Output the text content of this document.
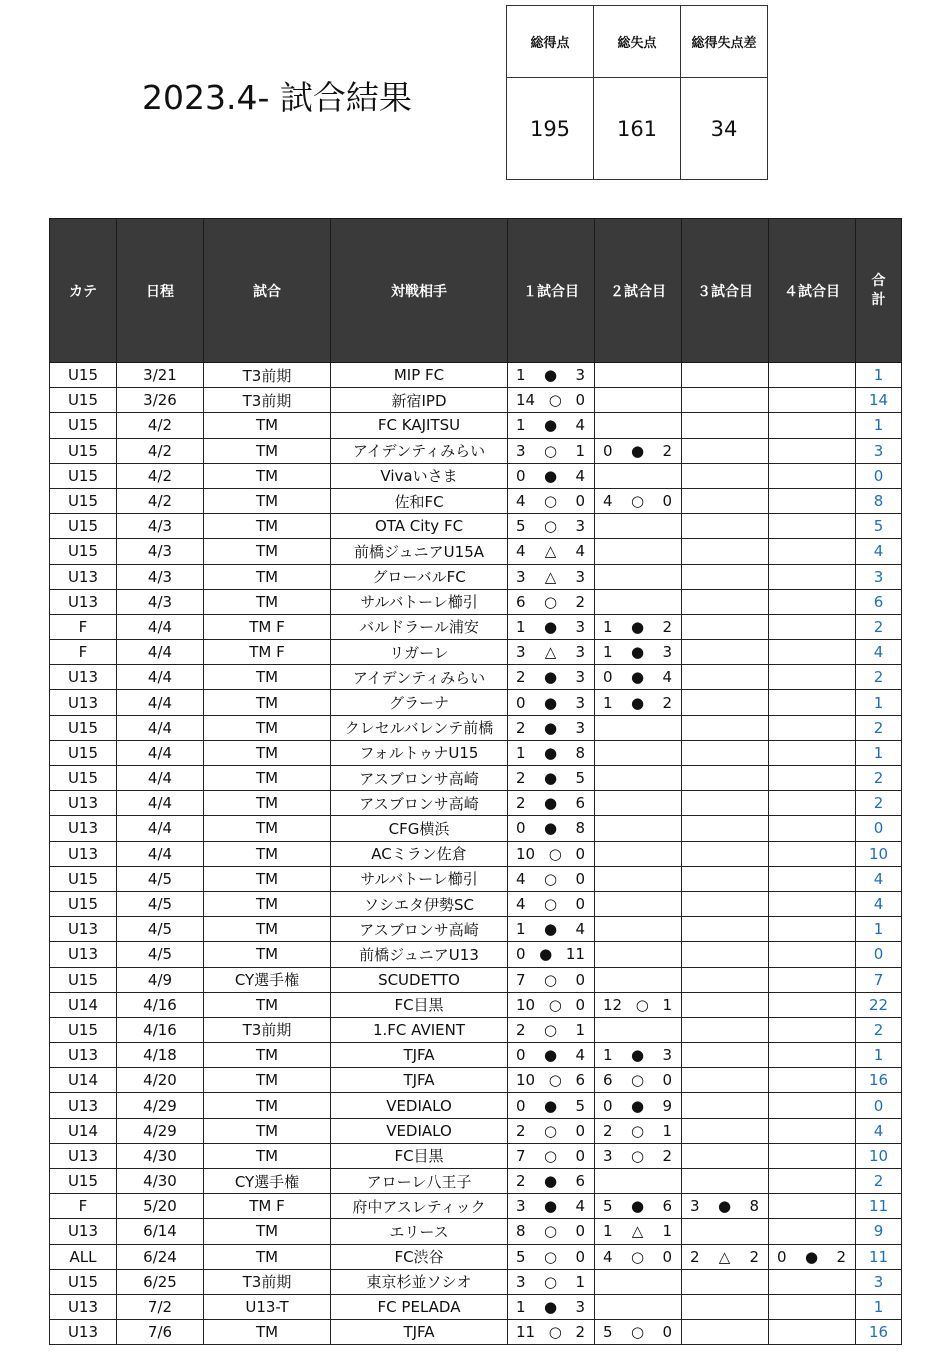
2023.4- 試合結果
総得点	総失点	総得失点差
195	161	34
カテ	日程	試合	対戦相手	１試合目	２試合目	３試合目	４試合目	合
計
U15	3/21	T3前期	MIP FC	1 ● 3				1
U15	3/26	T3前期	新宿IPD	14 ○ 0				14
U15	4/2	TM	FC KAJITSU	1 ● 4				1
U15	4/2	TM	アイデンティみらい	3 ○ 1	0 ● 2			3
U15	4/2	TM	Vivaいさま	0 ● 4				0
U15	4/2	TM	佐和FC	4 ○ 0	4 ○ 0			8
U15	4/3	TM	OTA City FC	5 ○ 3				5
U15	4/3	TM	前橋ジュニアU15A	4 △ 4				4
U13	4/3	TM	グローバルFC	3 △ 3				3
U13	4/3	TM	サルバトーレ櫛引	6 ○ 2				6
F	4/4	TM F	バルドラール浦安	1 ● 3	1 ● 2			2
F	4/4	TM F	リガーレ	3 △ 3	1 ● 3			4
U13	4/4	TM	アイデンティみらい	2 ● 3	0 ● 4			2
U13	4/4	TM	グラーナ	0 ● 3	1 ● 2			1
U15	4/4	TM	クレセルバレンテ前橋	2 ● 3				2
U15	4/4	TM	フォルトゥナU15	1 ● 8				1
U15	4/4	TM	アスブロンサ高崎	2 ● 5				2
U13	4/4	TM	アスブロンサ高崎	2 ● 6				2
U13	4/4	TM	CFG横浜	0 ● 8				0
U13	4/4	TM	ACミラン佐倉	10 ○ 0				10
U15	4/5	TM	サルバトーレ櫛引	4 ○ 0				4
U15	4/5	TM	ソシエタ伊勢SC	4 ○ 0				4
U13	4/5	TM	アスブロンサ高崎	1 ● 4				1
U13	4/5	TM	前橋ジュニアU13	0 ● 11				0
U15	4/9	CY選手権	SCUDETTO	7 ○ 0				7
U14	4/16	TM	FC目黒	10 ○ 0	12 ○ 1			22
U15	4/16	T3前期	1.FC AVIENT	2 ○ 1				2
U13	4/18	TM	TJFA	0 ● 4	1 ● 3			1
U14	4/20	TM	TJFA	10 ○ 6	6 ○ 0			16
U13	4/29	TM	VEDIALO	0 ● 5	0 ● 9			0
U14	4/29	TM	VEDIALO	2 ○ 0	2 ○ 1			4
U13	4/30	TM	FC目黒	7 ○ 0	3 ○ 2			10
U15	4/30	CY選手権	アローレ八王子	2 ● 6				2
F	5/20	TM F	府中アスレティック	3 ● 4	5 ● 6	3 ● 8		11
U13	6/14	TM	エリース	8 ○ 0	1 △ 1			9
ALL	6/24	TM	FC渋谷	5 ○ 0	4 ○ 0	2 △ 2	0 ● 2	11
U15	6/25	T3前期	東京杉並ソシオ	3 ○ 1				3
U13	7/2	U13-T	FC PELADA	1 ● 3				1
U13	7/6	TM	TJFA	11 ○ 2	5 ○ 0			16
